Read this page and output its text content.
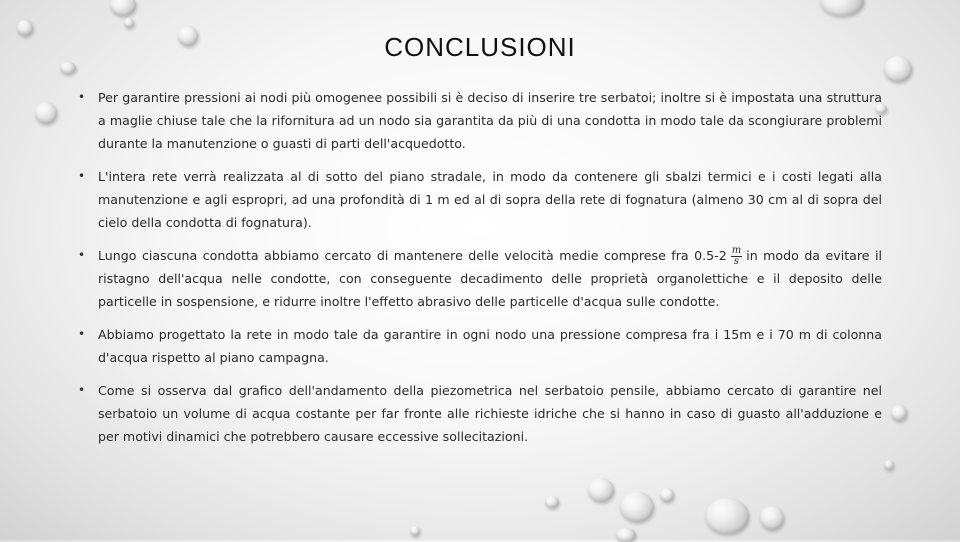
CONCLUSIONI
• Per garantire pressioni ai nodi più omogenee possibili si è deciso di inserire tre serbatoi; inoltre si è impostata una struttura a maglie chiuse tale che la rifornitura ad un nodo sia garantita da più di una condotta in modo tale da scongiurare problemi durante la manutenzione o guasti di parti dell'acquedotto.
• L'intera rete verrà realizzata al di sotto del piano stradale, in modo da contenere gli sbalzi termici e i costi legati alla manutenzione e agli espropri, ad una profondità di 1 m ed al di sopra della rete di fognatura (almeno 30 cm al di sopra del cielo della condotta di fognatura).
• Lungo ciascuna condotta abbiamo cercato di mantenere delle velocità medie comprese fra $0.5-2 \frac{m}{s}$ in modo da evitare il ristagno dell'acqua nelle condotte, con conseguente decadimento delle proprietà organolettiche e il deposito delle particelle in sospensione, e ridurre inoltre l'effetto abrasivo delle particelle d'acqua sulle condotte.
• Abbiamo progettato la rete in modo tale da garantire in ogni nodo una pressione compresa fra i 15m e i 70 m di colonna d'acqua rispetto al piano campagna.
• Come si osserva dal grafico dell'andamento della piezometrica nel serbatoio pensile, abbiamo cercato di garantire nel serbatoio un volume di acqua costante per far fronte alle richieste idriche che si hanno in caso di guasto all'adduzione e per motivi dinamici che potrebbero causare eccessive sollecitazioni.
